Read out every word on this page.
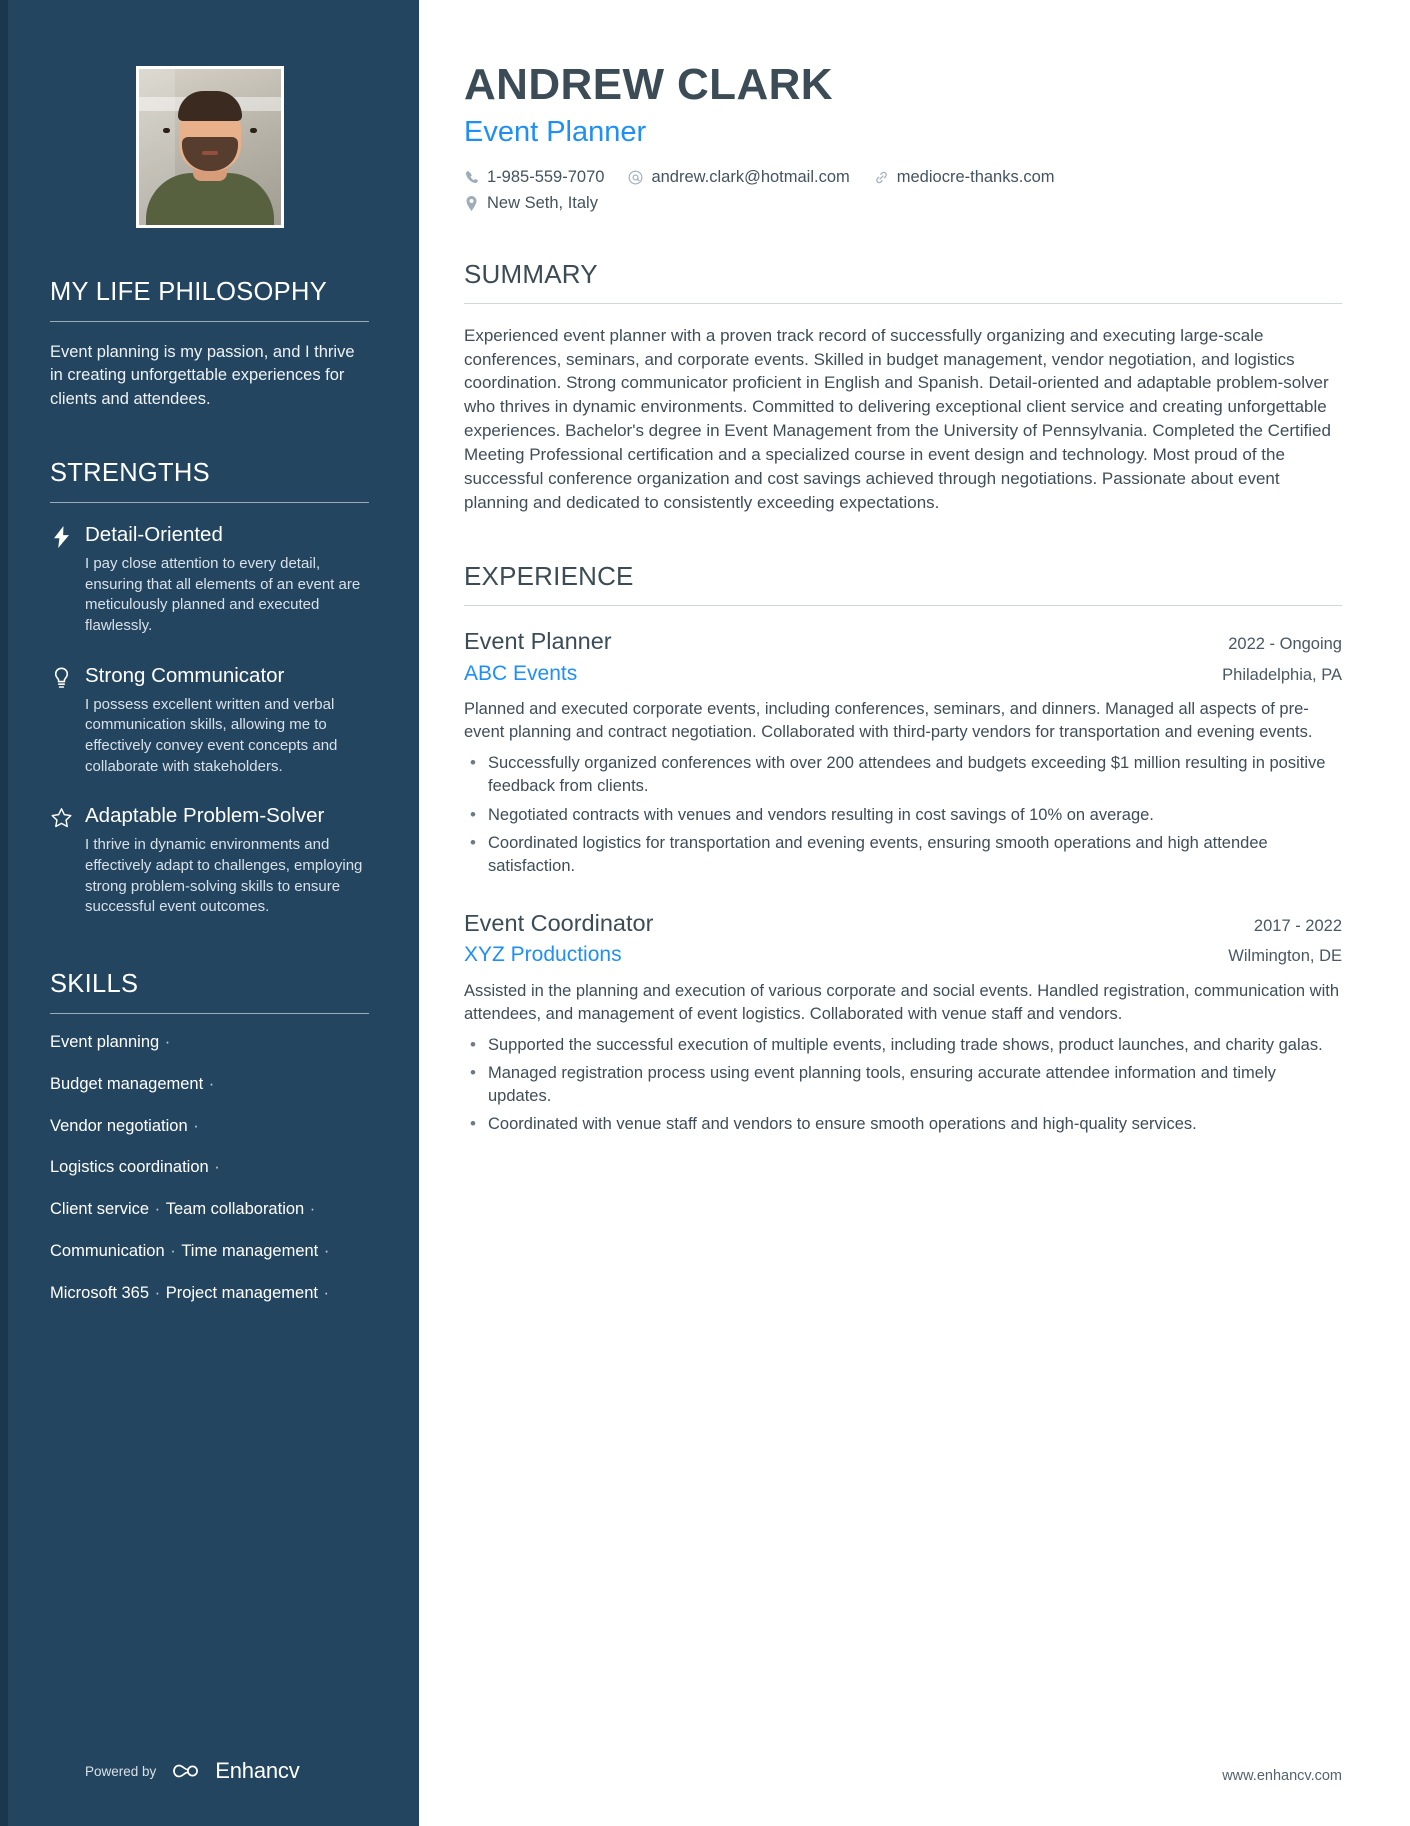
MY LIFE PHILOSOPHY

Event planning is my passion, and I thrive in creating unforgettable experiences for clients and attendees.

STRENGTHS
Detail-Oriented
I pay close attention to every detail, ensuring that all elements of an event are meticulously planned and executed flawlessly.
Strong Communicator
I possess excellent written and verbal communication skills, allowing me to effectively convey event concepts and collaborate with stakeholders.
Adaptable Problem-Solver
I thrive in dynamic environments and effectively adapt to challenges, employing strong problem-solving skills to ensure successful event outcomes.
SKILLS
Event planning ·
Budget management ·
Vendor negotiation ·
Logistics coordination ·
Client service · Team collaboration ·
Communication · Time management ·
Microsoft 365 · Project management ·
Powered by	Enhancv
ANDREW CLARK
Event Planner
1-985-559-7070	andrew.clark@hotmail.com	mediocre-thanks.com
New Seth, Italy
SUMMARY

Experienced event planner with a proven track record of successfully organizing and executing large-scale conferences, seminars, and corporate events. Skilled in budget management, vendor negotiation, and logistics coordination. Strong communicator proficient in English and Spanish. Detail-oriented and adaptable problem-solver who thrives in dynamic environments. Committed to delivering exceptional client service and creating unforgettable experiences. Bachelor's degree in Event Management from the University of Pennsylvania. Completed the Certified Meeting Professional certification and a specialized course in event design and technology. Most proud of the successful conference organization and cost savings achieved through negotiations. Passionate about event planning and dedicated to consistently exceeding expectations.

EXPERIENCE
Event Planner	2022 - Ongoing
ABC Events	Philadelphia, PA
Planned and executed corporate events, including conferences, seminars, and dinners. Managed all aspects of pre-event planning and contract negotiation. Collaborated with third-party vendors for transportation and evening events.
• Successfully organized conferences with over 200 attendees and budgets exceeding $1 million resulting in positive feedback from clients.
• Negotiated contracts with venues and vendors resulting in cost savings of 10% on average.
• Coordinated logistics for transportation and evening events, ensuring smooth operations and high attendee satisfaction.
Event Coordinator	2017 - 2022
XYZ Productions	Wilmington, DE
Assisted in the planning and execution of various corporate and social events. Handled registration, communication with attendees, and management of event logistics. Collaborated with venue staff and vendors.
• Supported the successful execution of multiple events, including trade shows, product launches, and charity galas.
• Managed registration process using event planning tools, ensuring accurate attendee information and timely updates.
• Coordinated with venue staff and vendors to ensure smooth operations and high-quality services.
www.enhancv.com
